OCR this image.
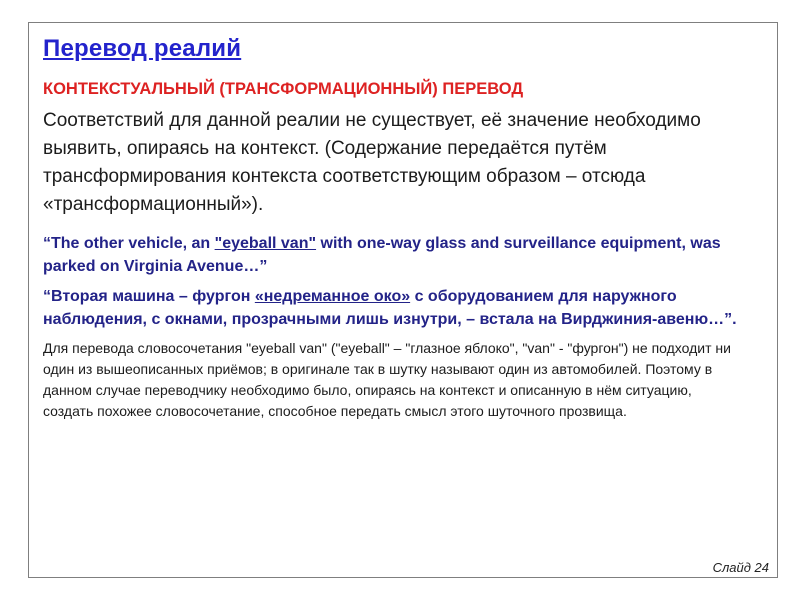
Перевод реалий
КОНТЕКСТУАЛЬНЫЙ (ТРАНСФОРМАЦИОННЫЙ) ПЕРЕВОД

Соответствий для данной реалии не существует, её значение необходимо выявить, опираясь на контекст. (Содержание передаётся путём трансформирования контекста соответствующим образом – отсюда «трансформационный»).

“The other vehicle, an "eyeball van" with one-way glass and surveillance equipment, was parked on Virginia Avenue…”

“Вторая машина – фургон «недреманное око» с оборудованием для наружного наблюдения, с окнами, прозрачными лишь изнутри, – встала на Вирджиния-авеню…”.

Для перевода словосочетания "eyeball van" ("eyeball" – "глазное яблоко", "van" - "фургон") не подходит ни один из вышеописанных приёмов; в оригинале так в шутку называют один из автомобилей. Поэтому в данном случае переводчику необходимо было, опираясь на контекст и описанную в нём ситуацию, создать похожее словосочетание, способное передать смысл этого шуточного прозвища.

Слайд 24
